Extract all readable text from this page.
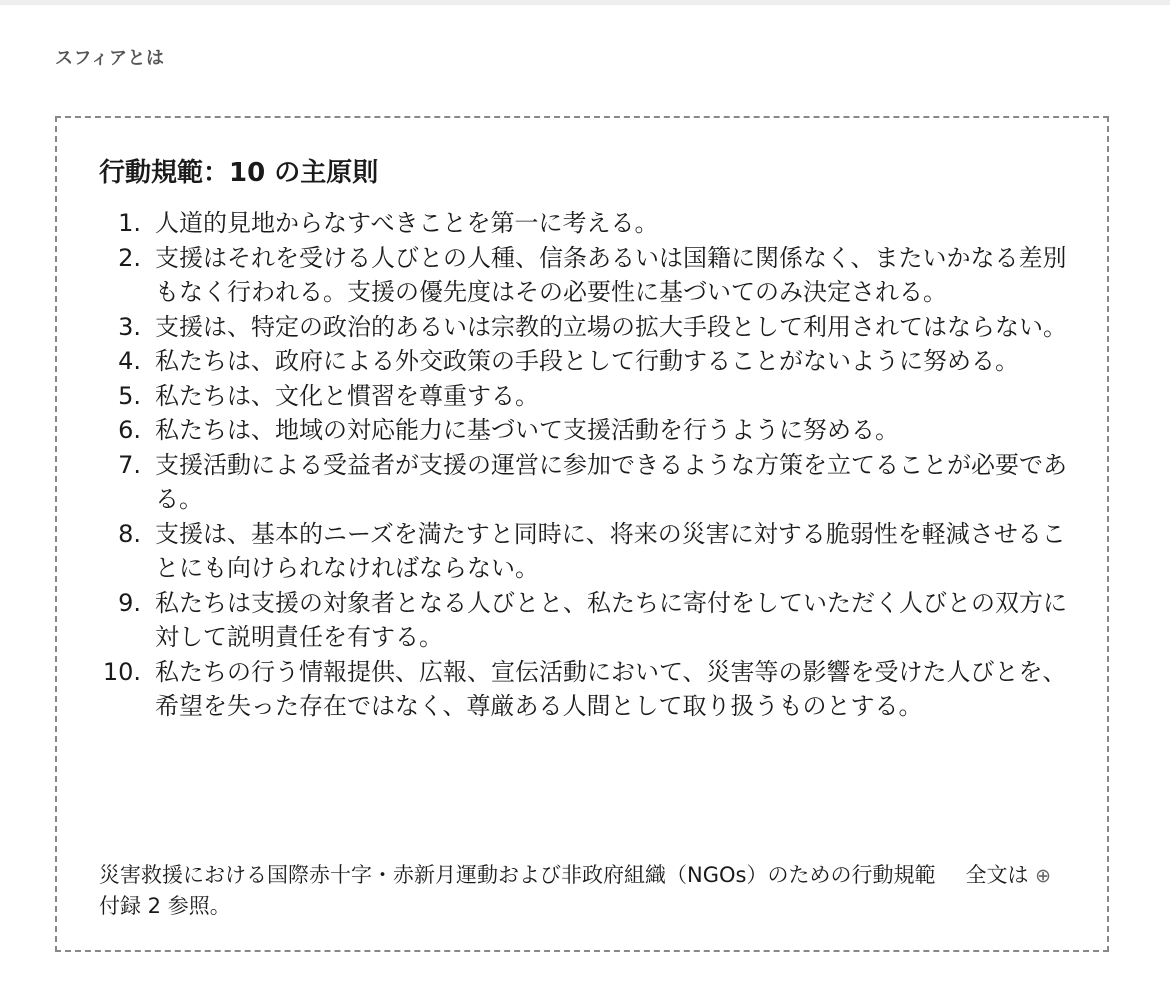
スフィアとは
行動規範：10 の主原則
1. 人道的見地からなすべきことを第一に考える。
2. 支援はそれを受ける人びとの人種、信条あるいは国籍に関係なく、またいかなる差別もなく行われる。支援の優先度はその必要性に基づいてのみ決定される。
3. 支援は、特定の政治的あるいは宗教的立場の拡大手段として利用されてはならない。
4. 私たちは、政府による外交政策の手段として行動することがないように努める。
5. 私たちは、文化と慣習を尊重する。
6. 私たちは、地域の対応能力に基づいて支援活動を行うように努める。
7. 支援活動による受益者が支援の運営に参加できるような方策を立てることが必要である。
8. 支援は、基本的ニーズを満たすと同時に、将来の災害に対する脆弱性を軽減させることにも向けられなければならない。
9. 私たちは支援の対象者となる人びとと、私たちに寄付をしていただく人びとの双方に対して説明責任を有する。
10. 私たちの行う情報提供、広報、宣伝活動において、災害等の影響を受けた人びとを、希望を失った存在ではなく、尊厳ある人間として取り扱うものとする。
災害救援における国際赤十字・赤新月運動および非政府組織（NGOs）のための行動規範 全文は ⊕ 付録 2 参照。
